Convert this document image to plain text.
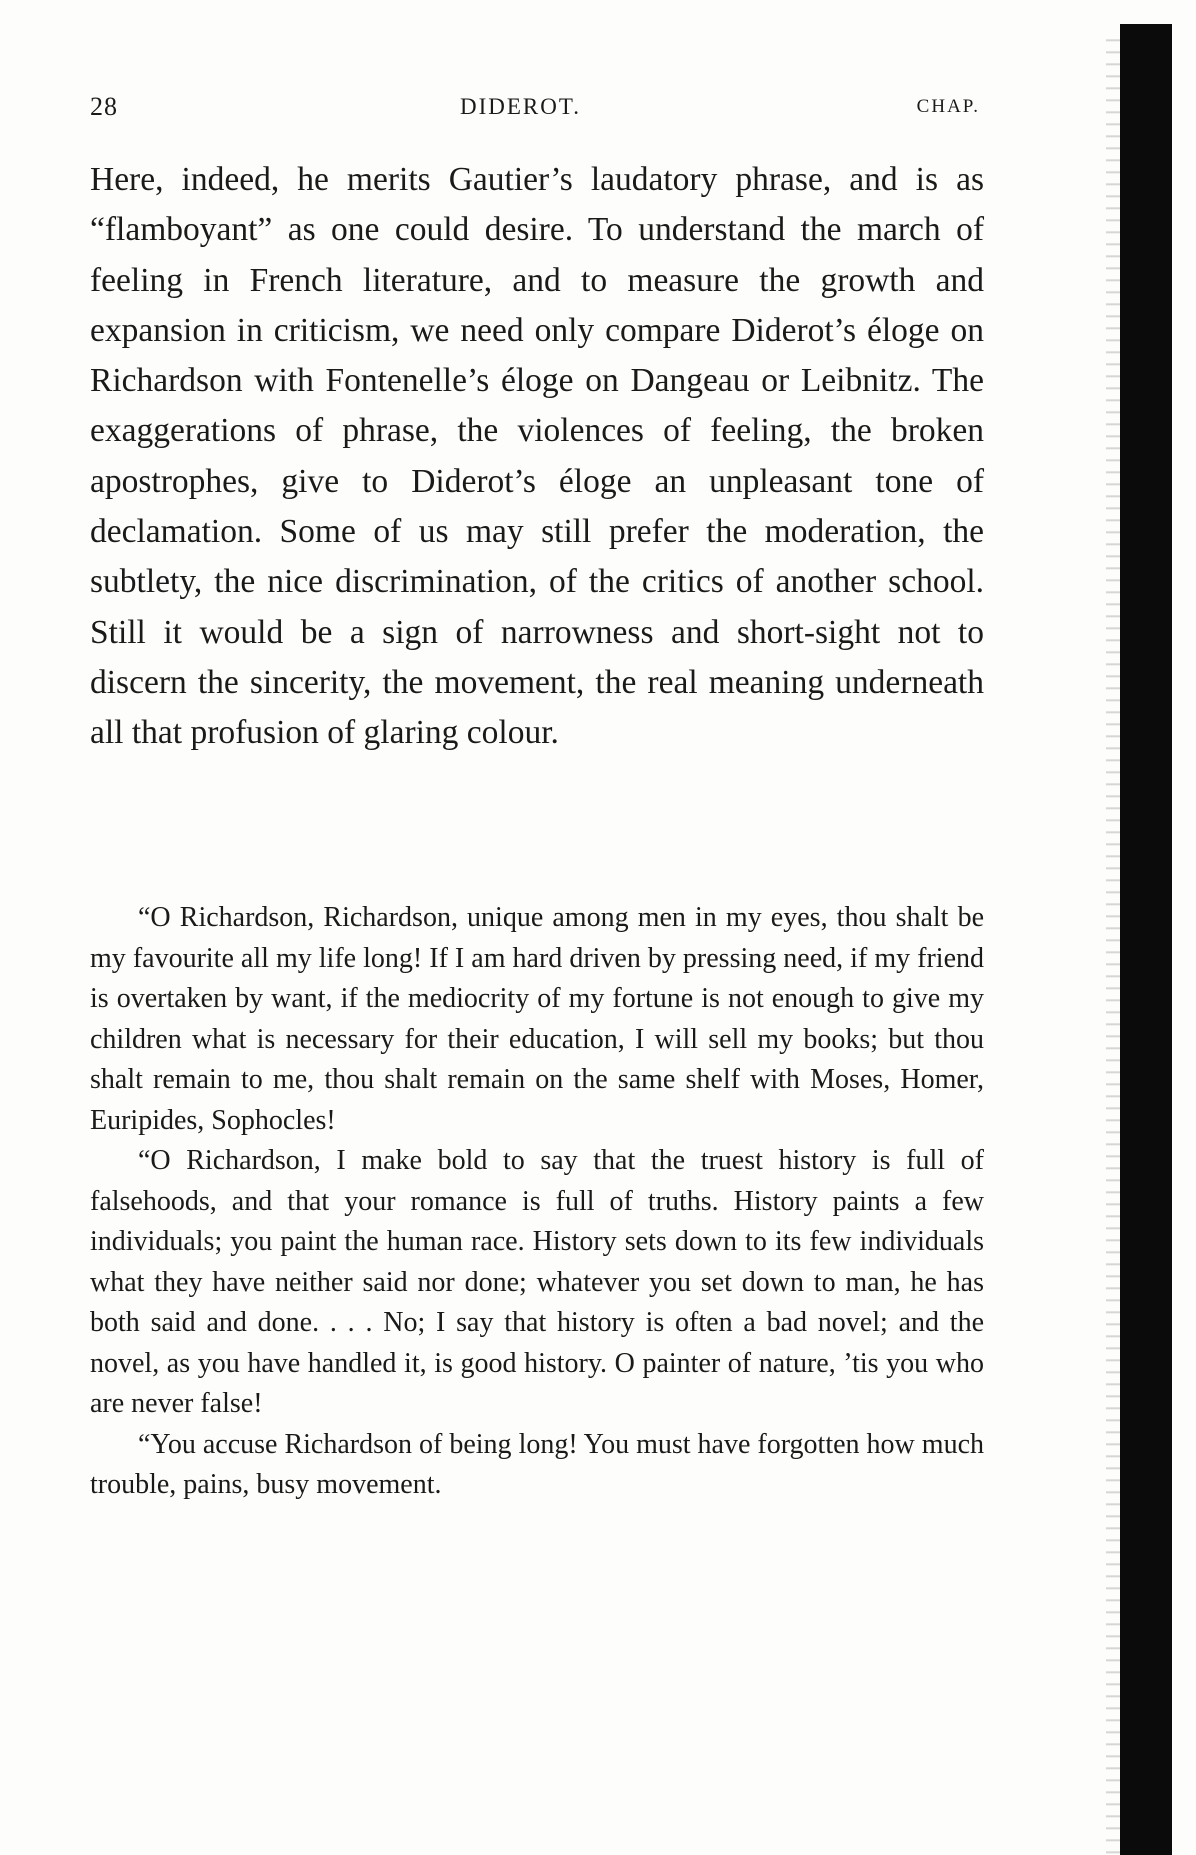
28	DIDEROT.	CHAP.

Here, indeed, he merits Gautier’s laudatory phrase, and is as “flamboyant” as one could desire. To understand the march of feeling in French literature, and to measure the growth and expansion in criticism, we need only compare Diderot’s éloge on Richardson with Fontenelle’s éloge on Dangeau or Leibnitz. The exaggerations of phrase, the violences of feeling, the broken apostrophes, give to Diderot’s éloge an unpleasant tone of declamation. Some of us may still prefer the moderation, the subtlety, the nice discrimination, of the critics of another school. Still it would be a sign of narrowness and short-sight not to discern the sincerity, the movement, the real meaning underneath all that profusion of glaring colour.

“O Richardson, Richardson, unique among men in my eyes, thou shalt be my favourite all my life long! If I am hard driven by pressing need, if my friend is overtaken by want, if the mediocrity of my fortune is not enough to give my children what is necessary for their education, I will sell my books; but thou shalt remain to me, thou shalt remain on the same shelf with Moses, Homer, Euripides, Sophocles!

“O Richardson, I make bold to say that the truest history is full of falsehoods, and that your romance is full of truths. History paints a few individuals; you paint the human race. History sets down to its few individuals what they have neither said nor done; whatever you set down to man, he has both said and done. . . . No; I say that history is often a bad novel; and the novel, as you have handled it, is good history. O painter of nature, ’tis you who are never false!

“You accuse Richardson of being long! You must have forgotten how much trouble, pains, busy movement.
